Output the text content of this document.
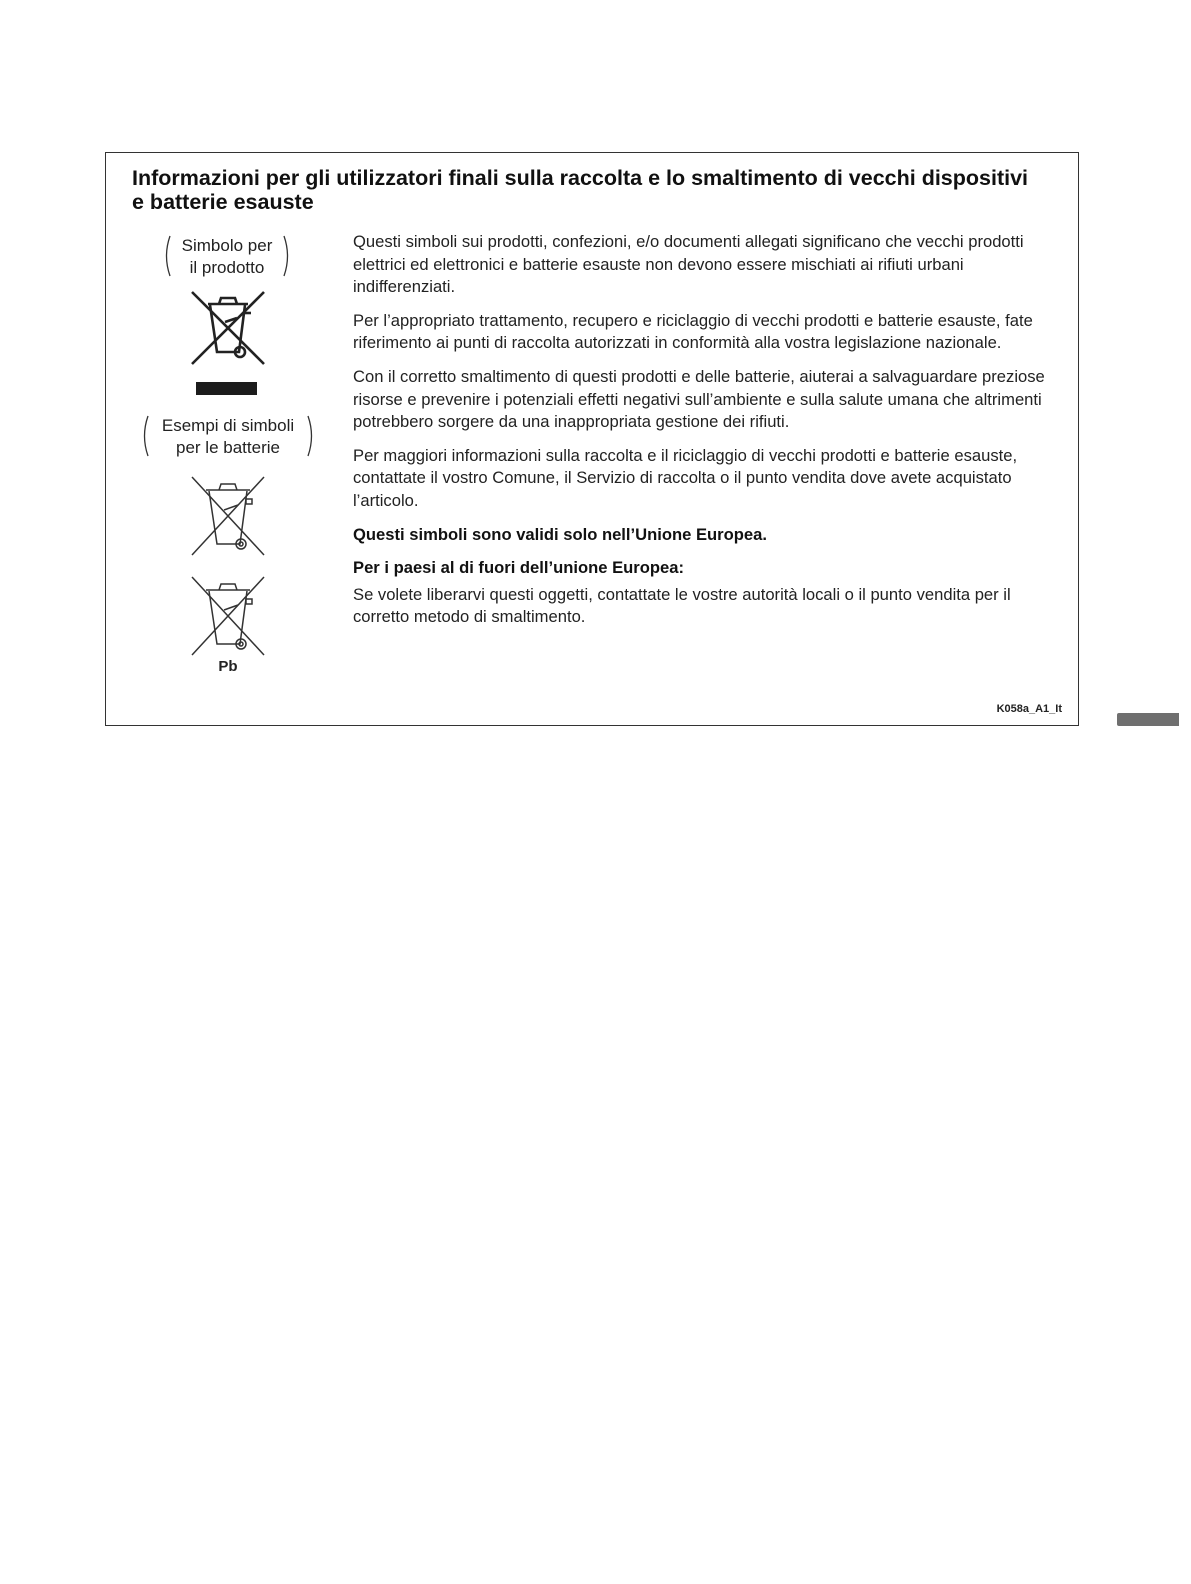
Informazioni per gli utilizzatori finali sulla raccolta e lo smaltimento di vecchi dispositivi e batterie esauste
Simbolo per
il prodotto
Esempi di simboli
per le batterie
Pb

Questi simboli sui prodotti, confezioni, e/o documenti allegati significano che vecchi prodotti elettrici ed elettronici e batterie esauste non devono essere mischiati ai rifiuti urbani indifferenziati.

Per l’appropriato trattamento, recupero e riciclaggio di vecchi prodotti e batterie esauste, fate riferimento ai punti di raccolta autorizzati in conformità alla vostra legislazione nazionale.

Con il corretto smaltimento di questi prodotti e delle batterie, aiuterai a salvaguardare preziose risorse e prevenire i potenziali effetti negativi sull’ambiente e sulla salute umana che altrimenti potrebbero sorgere da una inappropriata gestione dei rifiuti.

Per maggiori informazioni sulla raccolta e il riciclaggio di vecchi prodotti e batterie esauste, contattate il vostro Comune, il Servizio di raccolta o il punto vendita dove avete acquistato l’articolo.

Questi simboli sono validi solo nell’Unione Europea.

Per i paesi al di fuori dell’unione Europea:

Se volete liberarvi questi oggetti, contattate le vostre autorità locali o il punto vendita per il corretto metodo di smaltimento.

K058a_A1_It
